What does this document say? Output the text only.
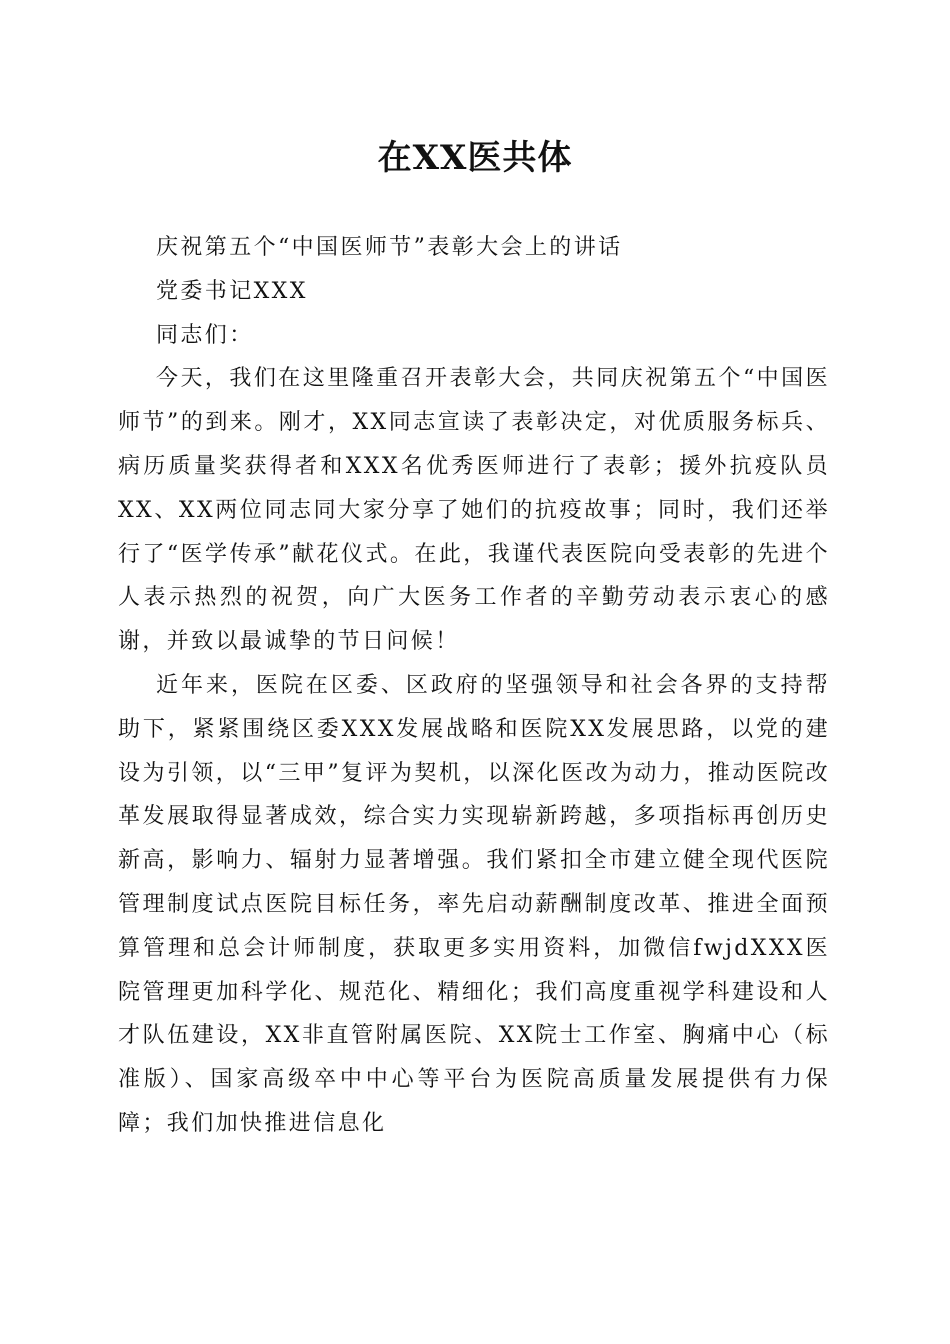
在XX医共体
庆祝第五个“中国医师节”表彰大会上的讲话
党委书记XXX
同志们：

今天，我们在这里隆重召开表彰大会，共同庆祝第五个“中国医师节”的到来。刚才，XX同志宣读了表彰决定，对优质服务标兵、病历质量奖获得者和XXX名优秀医师进行了表彰；援外抗疫队员XX、XX两位同志同大家分享了她们的抗疫故事；同时，我们还举行了“医学传承”献花仪式。在此，我谨代表医院向受表彰的先进个人表示热烈的祝贺，向广大医务工作者的辛勤劳动表示衷心的感谢，并致以最诚挚的节日问候！

近年来，医院在区委、区政府的坚强领导和社会各界的支持帮助下，紧紧围绕区委XXX发展战略和医院XX发展思路，以党的建设为引领，以“三甲”复评为契机，以深化医改为动力，推动医院改革发展取得显著成效，综合实力实现崭新跨越，多项指标再创历史新高，影响力、辐射力显著增强。我们紧扣全市建立健全现代医院管理制度试点医院目标任务，率先启动薪酬制度改革、推进全面预算管理和总会计师制度，获取更多实用资料，加微信fwjdXXX医院管理更加科学化、规范化、精细化；我们高度重视学科建设和人才队伍建设，XX非直管附属医院、XX院士工作室、胸痛中心（标准版）、国家高级卒中中心等平台为医院高质量发展提供有力保障；我们加快推进信息化
